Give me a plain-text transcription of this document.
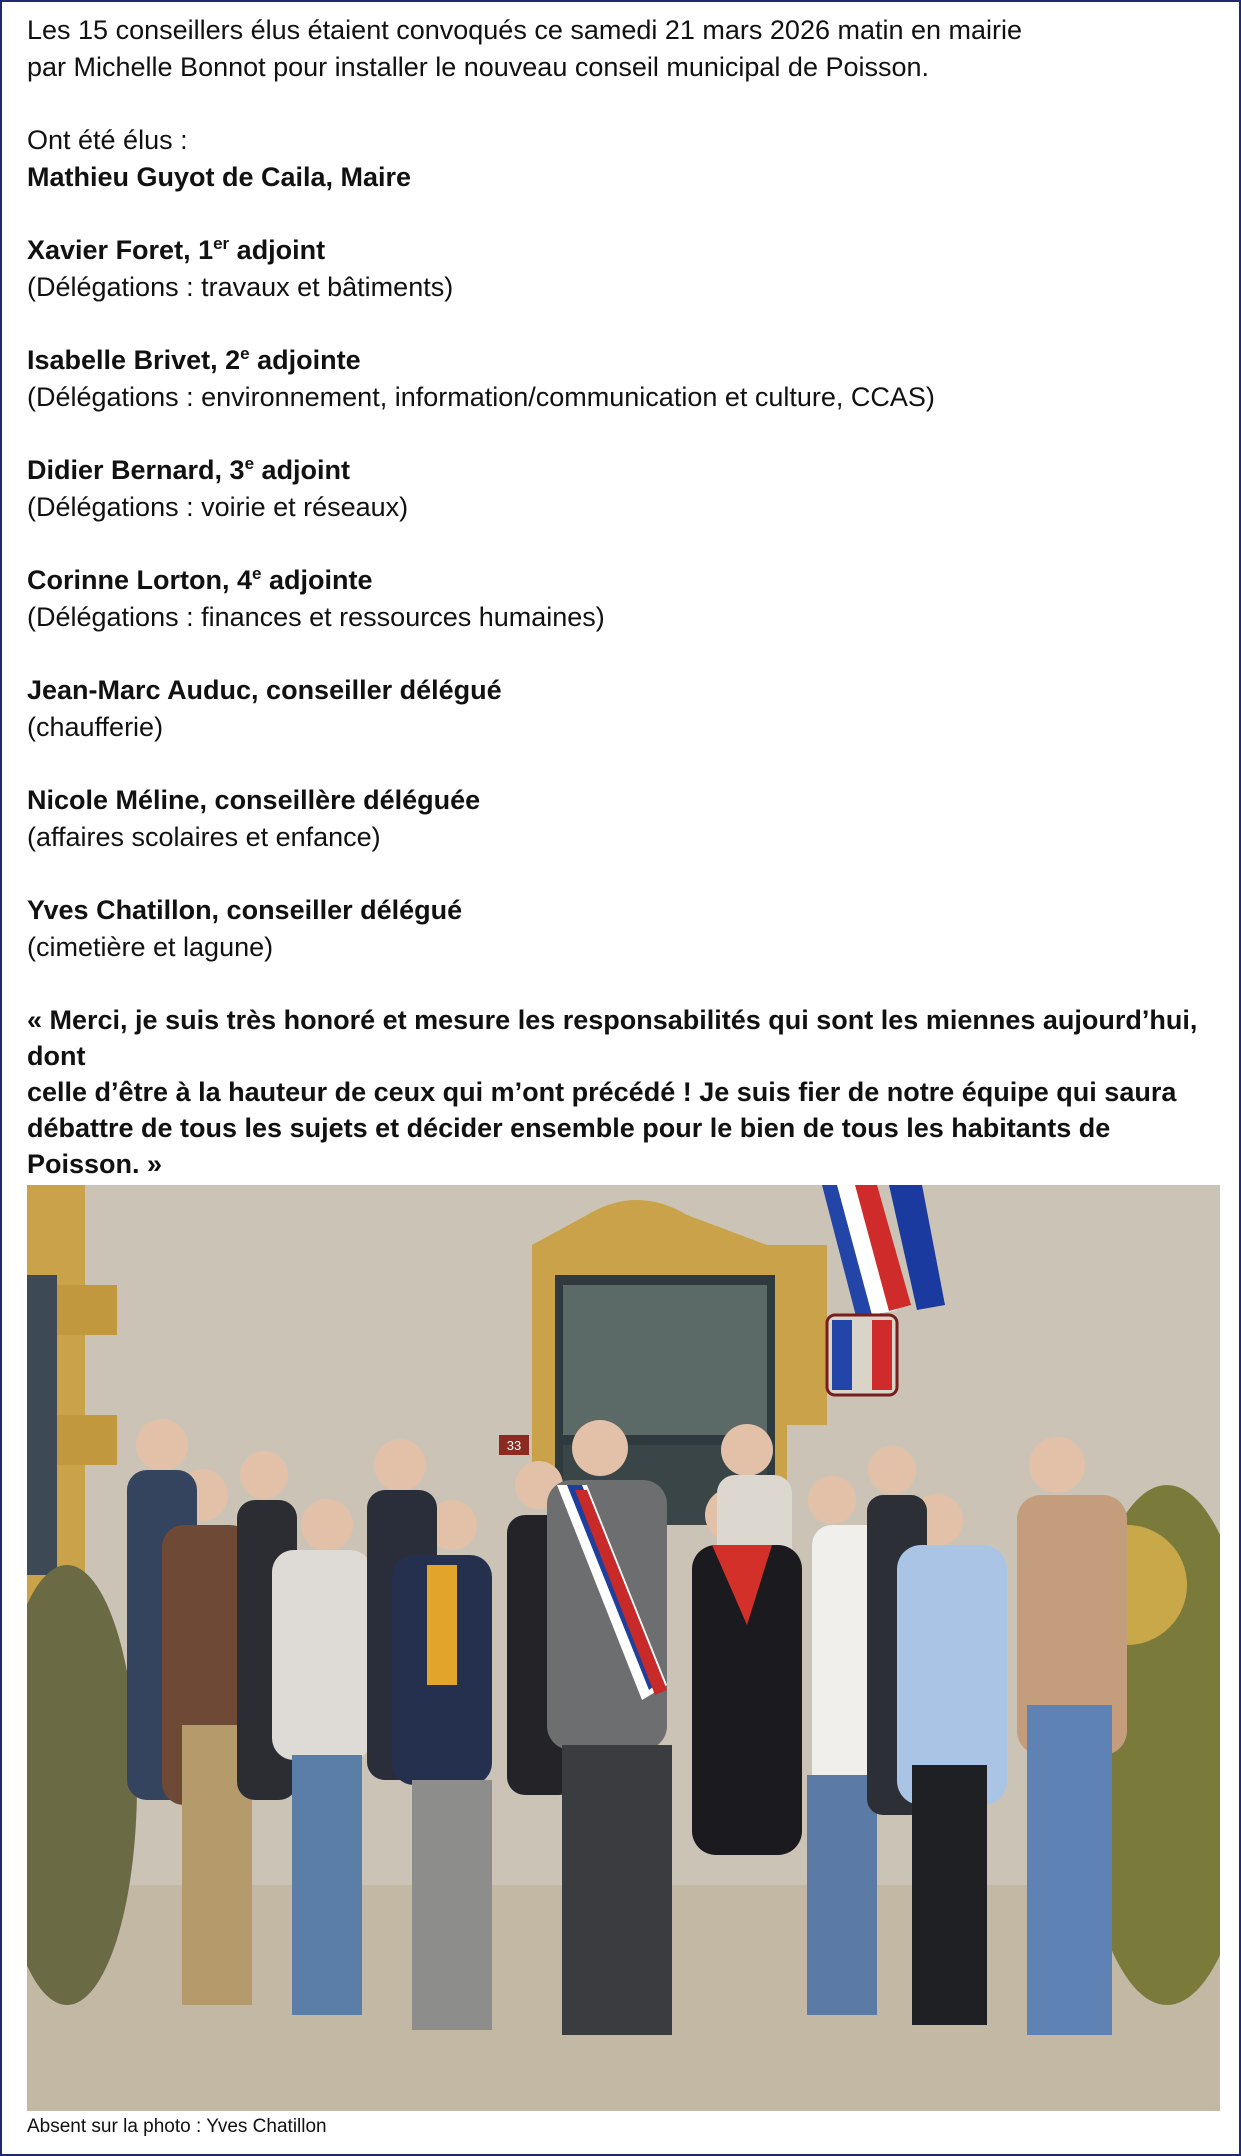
Les 15 conseillers élus étaient convoqués ce samedi 21 mars 2026 matin en mairie

par Michelle Bonnot pour installer le nouveau conseil municipal de Poisson.

Ont été élus :

Mathieu Guyot de Caila, Maire

Xavier Foret, 1er adjoint

(Délégations : travaux et bâtiments)

Isabelle Brivet, 2e adjointe

(Délégations : environnement, information/communication et culture, CCAS)

Didier Bernard, 3e adjoint

(Délégations : voirie et réseaux)

Corinne Lorton, 4e adjointe

(Délégations : finances et ressources humaines)

Jean-Marc Auduc, conseiller délégué

(chaufferie)

Nicole Méline, conseillère déléguée

(affaires scolaires et enfance)

Yves Chatillon, conseiller délégué

(cimetière et lagune)

« Merci, je suis très honoré et mesure les responsabilités qui sont les miennes aujourd’hui, dont

celle d’être à la hauteur de ceux qui m’ont précédé ! Je suis fier de notre équipe qui saura

débattre de tous les sujets et décider ensemble pour le bien de tous les habitants de Poisson. »

33
Absent sur la photo : Yves Chatillon
